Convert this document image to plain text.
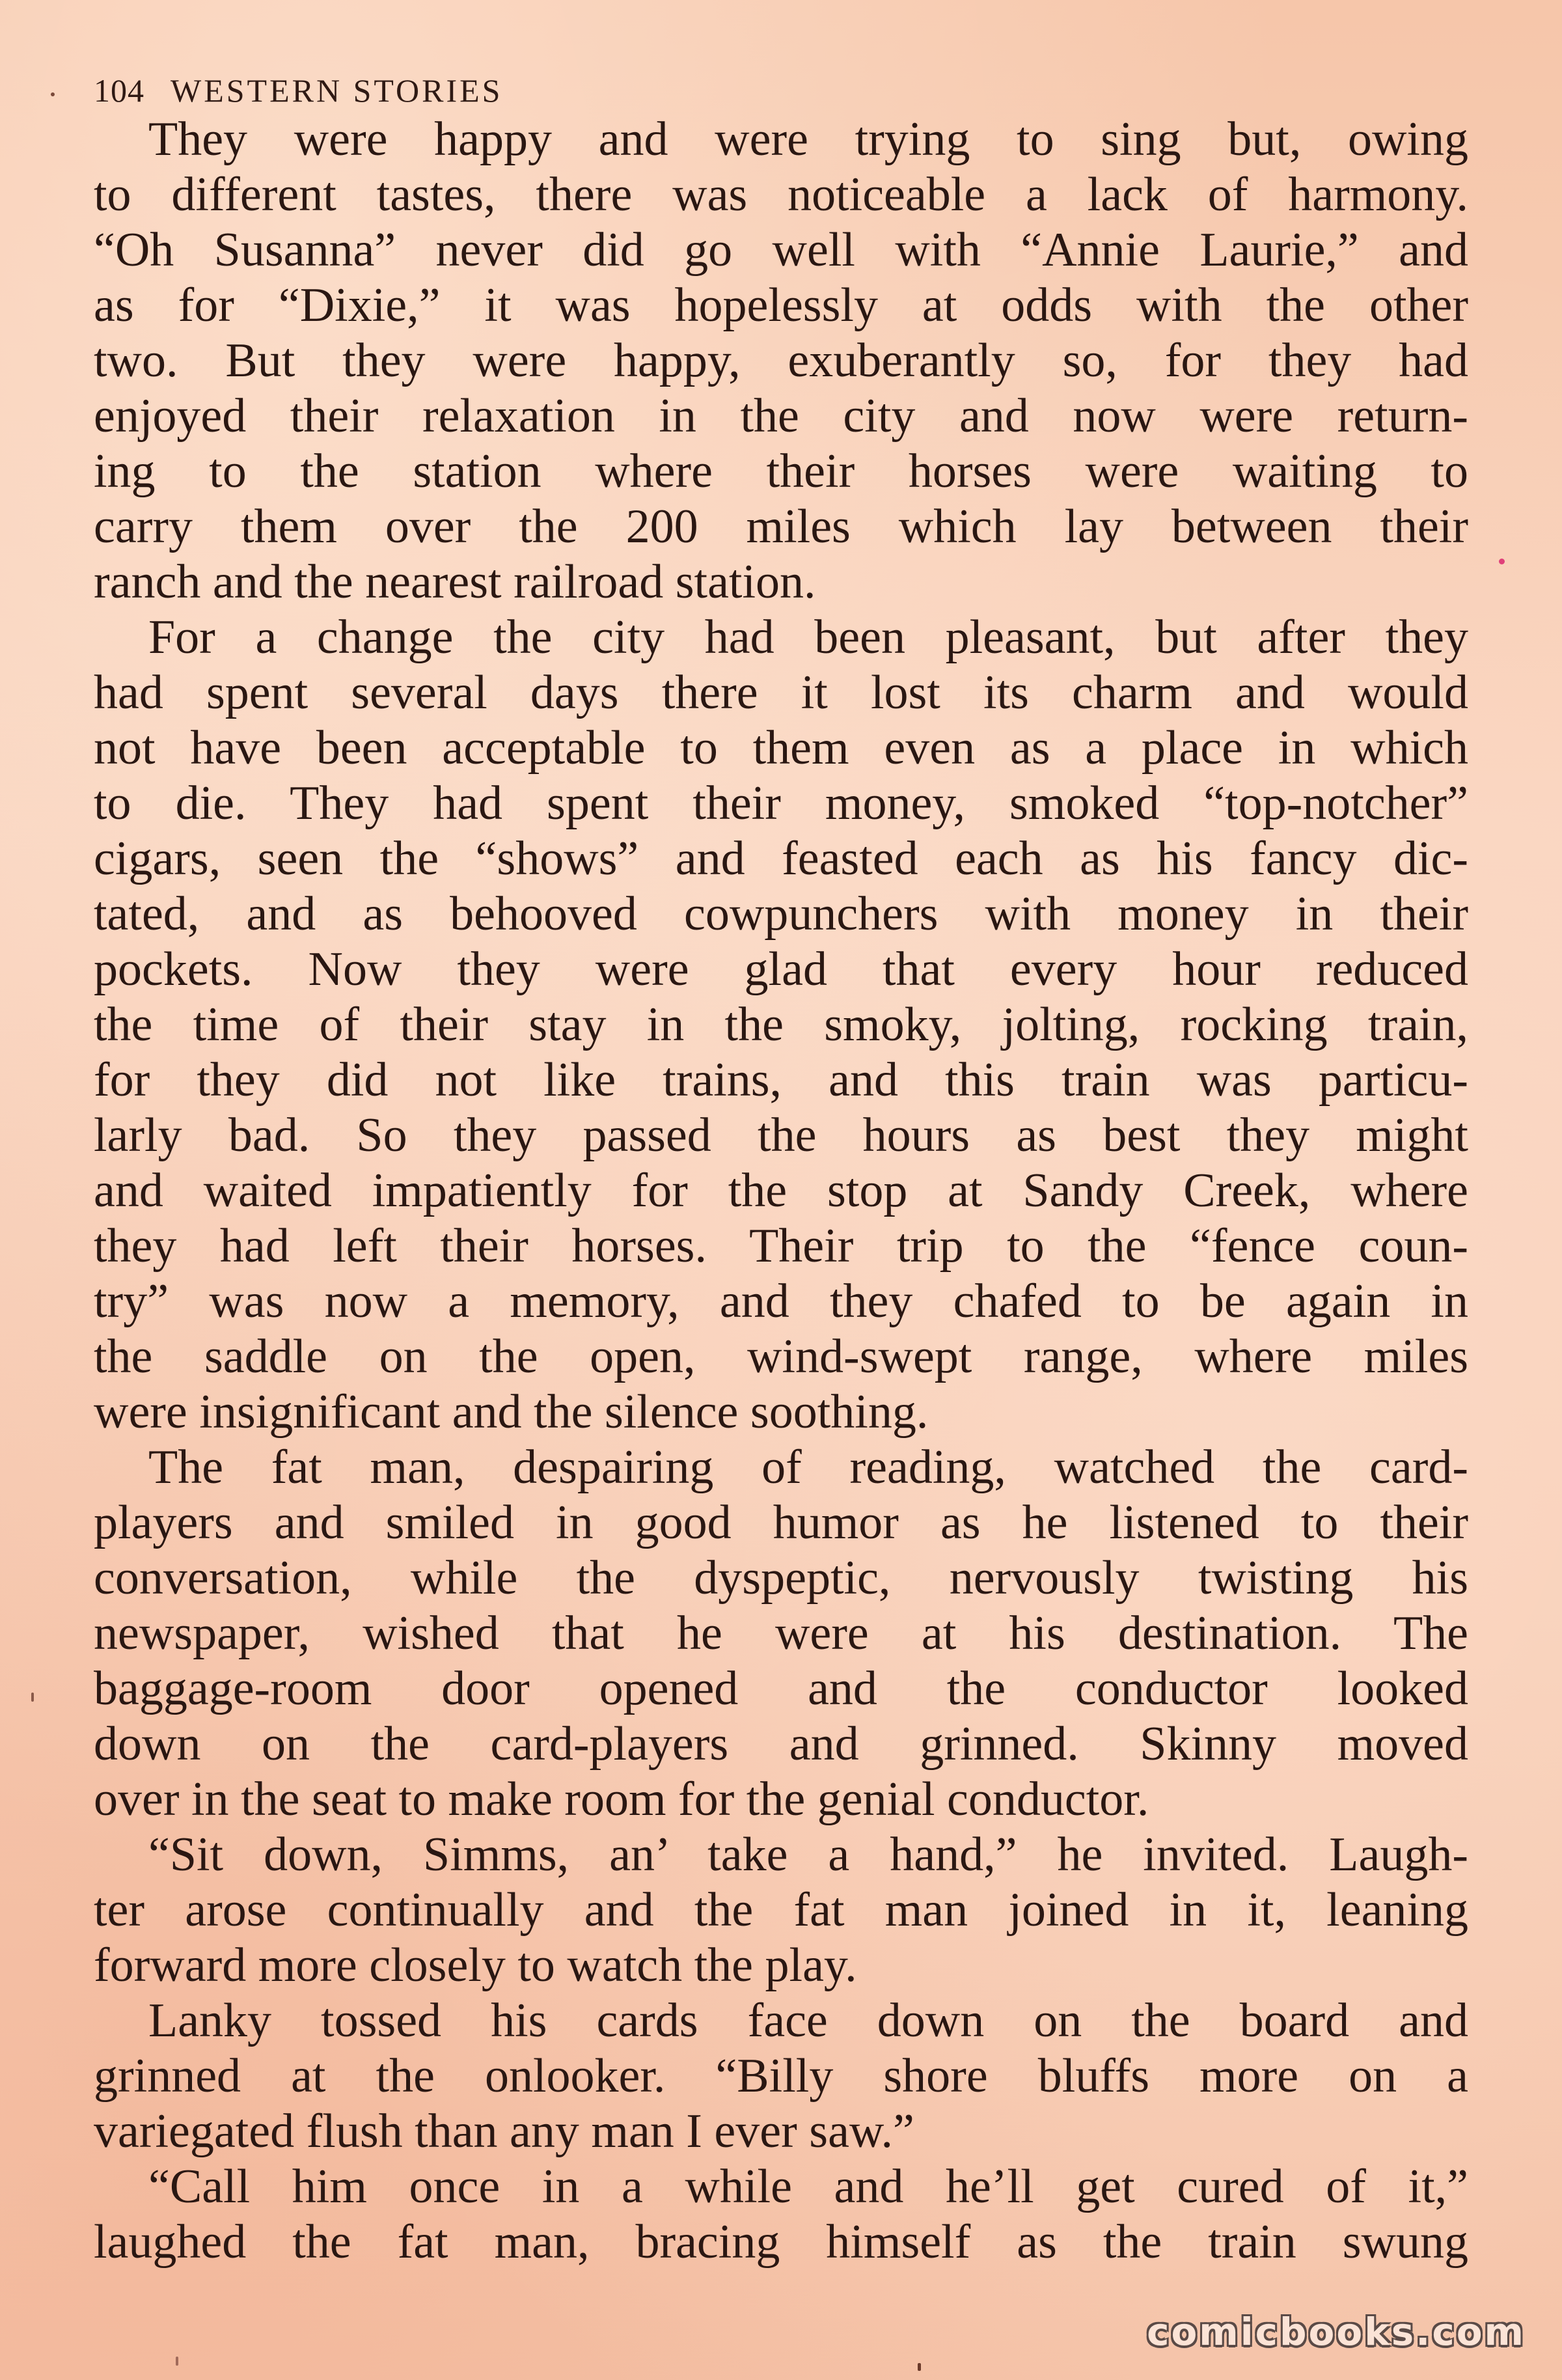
104 WESTERN STORIES
They were happy and were trying to sing but, owing
to different tastes, there was noticeable a lack of harmony.
“Oh Susanna” never did go well with “Annie Laurie,” and
as for “Dixie,” it was hopelessly at odds with the other
two. But they were happy, exuberantly so, for they had
enjoyed their relaxation in the city and now were return-
ing to the station where their horses were waiting to
carry them over the 200 miles which lay between their
ranch and the nearest railroad station.
For a change the city had been pleasant, but after they
had spent several days there it lost its charm and would
not have been acceptable to them even as a place in which
to die. They had spent their money, smoked “top-notcher”
cigars, seen the “shows” and feasted each as his fancy dic-
tated, and as behooved cowpunchers with money in their
pockets. Now they were glad that every hour reduced
the time of their stay in the smoky, jolting, rocking train,
for they did not like trains, and this train was particu-
larly bad. So they passed the hours as best they might
and waited impatiently for the stop at Sandy Creek, where
they had left their horses. Their trip to the “fence coun-
try” was now a memory, and they chafed to be again in
the saddle on the open, wind-swept range, where miles
were insignificant and the silence soothing.
The fat man, despairing of reading, watched the card-
players and smiled in good humor as he listened to their
conversation, while the dyspeptic, nervously twisting his
newspaper, wished that he were at his destination. The
baggage-room door opened and the conductor looked
down on the card-players and grinned. Skinny moved
over in the seat to make room for the genial conductor.
“Sit down, Simms, an’ take a hand,” he invited. Laugh-
ter arose continually and the fat man joined in it, leaning
forward more closely to watch the play.
Lanky tossed his cards face down on the board and
grinned at the onlooker. “Billy shore bluffs more on a
variegated flush than any man I ever saw.”
“Call him once in a while and he’ll get cured of it,”
laughed the fat man, bracing himself as the train swung
comicbooks.com
